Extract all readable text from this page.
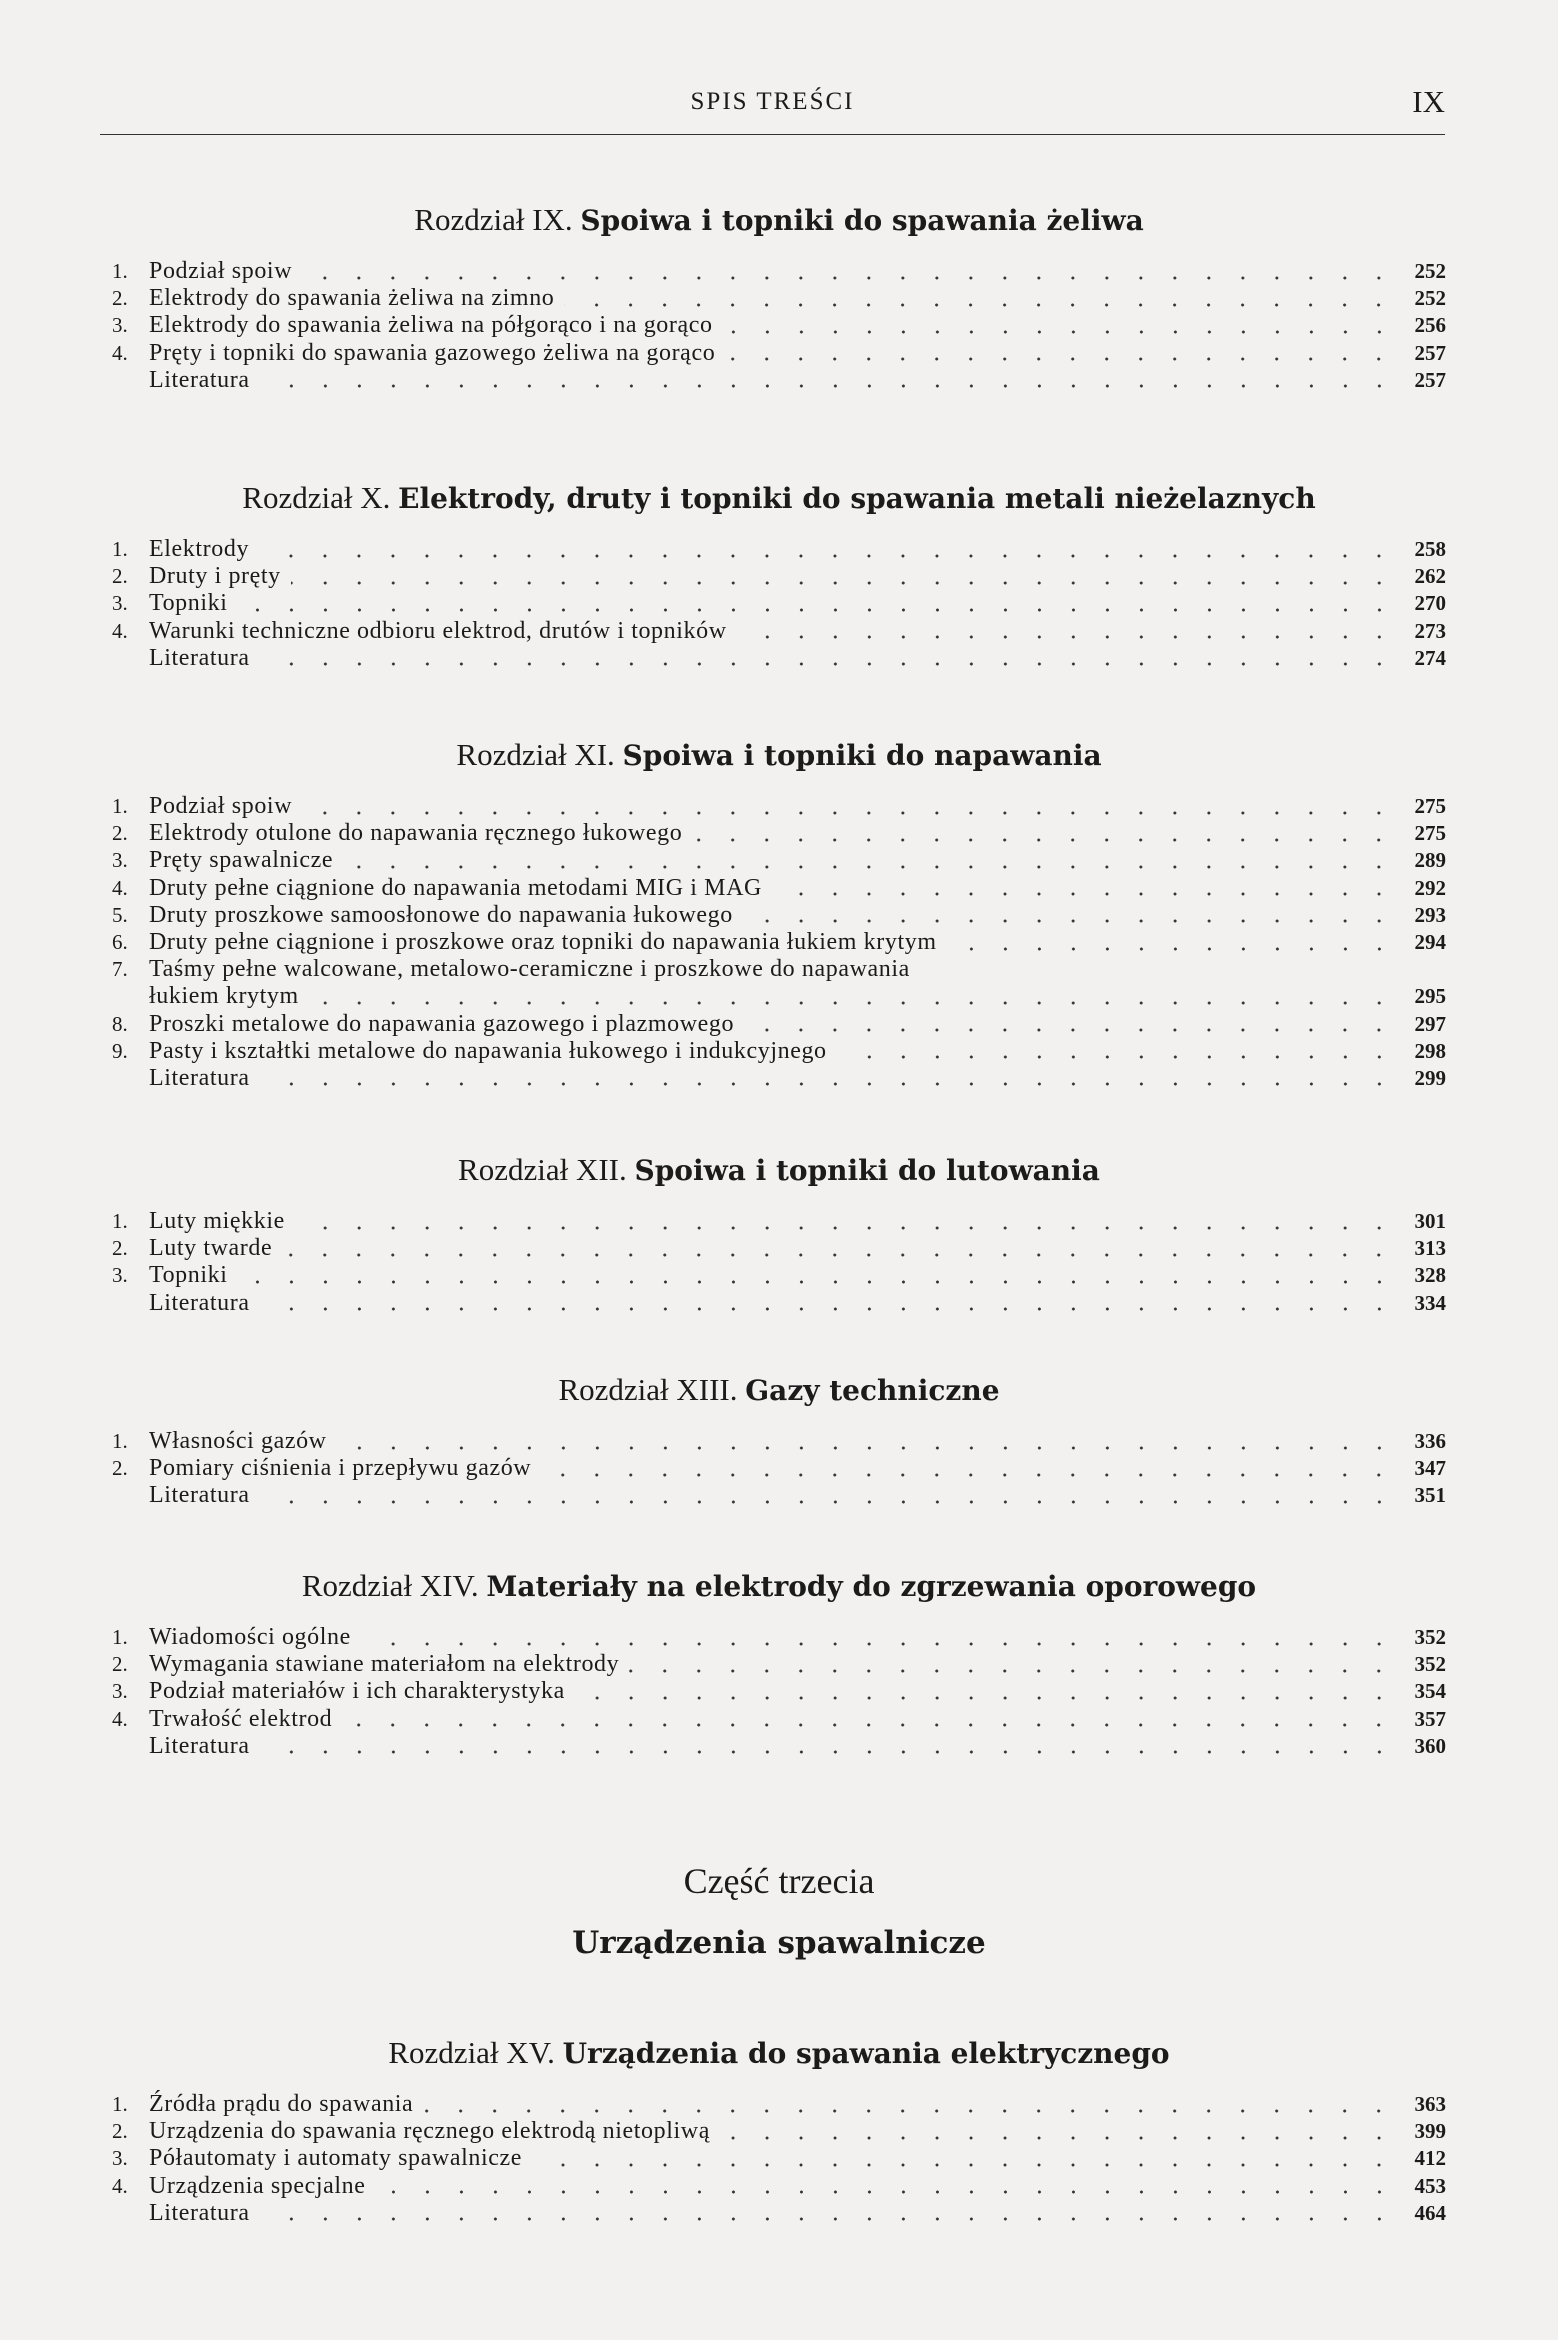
SPIS TREŚCI	IX
Rozdział IX. Spoiwa i topniki do spawania żeliwa
1. Podział spoiw	252
2. Elektrody do spawania żeliwa na zimno	252
3. Elektrody do spawania żeliwa na półgorąco i na gorąco	256
4. Pręty i topniki do spawania gazowego żeliwa na gorąco	257
Literatura	257
Rozdział X. Elektrody, druty i topniki do spawania metali nieżelaznych
1. Elektrody	258
2. Druty i pręty	262
3. Topniki	270
4. Warunki techniczne odbioru elektrod, drutów i topników	273
Literatura	274
Rozdział XI. Spoiwa i topniki do napawania
1. Podział spoiw	275
2. Elektrody otulone do napawania ręcznego łukowego	275
3. Pręty spawalnicze	289
4. Druty pełne ciągnione do napawania metodami MIG i MAG	292
5. Druty proszkowe samoosłonowe do napawania łukowego	293
6. Druty pełne ciągnione i proszkowe oraz topniki do napawania łukiem krytym	294
7. Taśmy pełne walcowane, metalowo-ceramiczne i proszkowe do napawania
łukiem krytym	295
8. Proszki metalowe do napawania gazowego i plazmowego	297
9. Pasty i kształtki metalowe do napawania łukowego i indukcyjnego	298
Literatura	299
Rozdział XII. Spoiwa i topniki do lutowania
1. Luty miękkie	301
2. Luty twarde	313
3. Topniki	328
Literatura	334
Rozdział XIII. Gazy techniczne
1. Własności gazów	336
2. Pomiary ciśnienia i przepływu gazów	347
Literatura	351
Rozdział XIV. Materiały na elektrody do zgrzewania oporowego
1. Wiadomości ogólne	352
2. Wymagania stawiane materiałom na elektrody	352
3. Podział materiałów i ich charakterystyka	354
4. Trwałość elektrod	357
Literatura	360
Rozdział XV. Urządzenia do spawania elektrycznego
1. Źródła prądu do spawania	363
2. Urządzenia do spawania ręcznego elektrodą nietopliwą	399
3. Półautomaty i automaty spawalnicze	412
4. Urządzenia specjalne	453
Literatura	464
Część trzecia
Urządzenia spawalnicze
